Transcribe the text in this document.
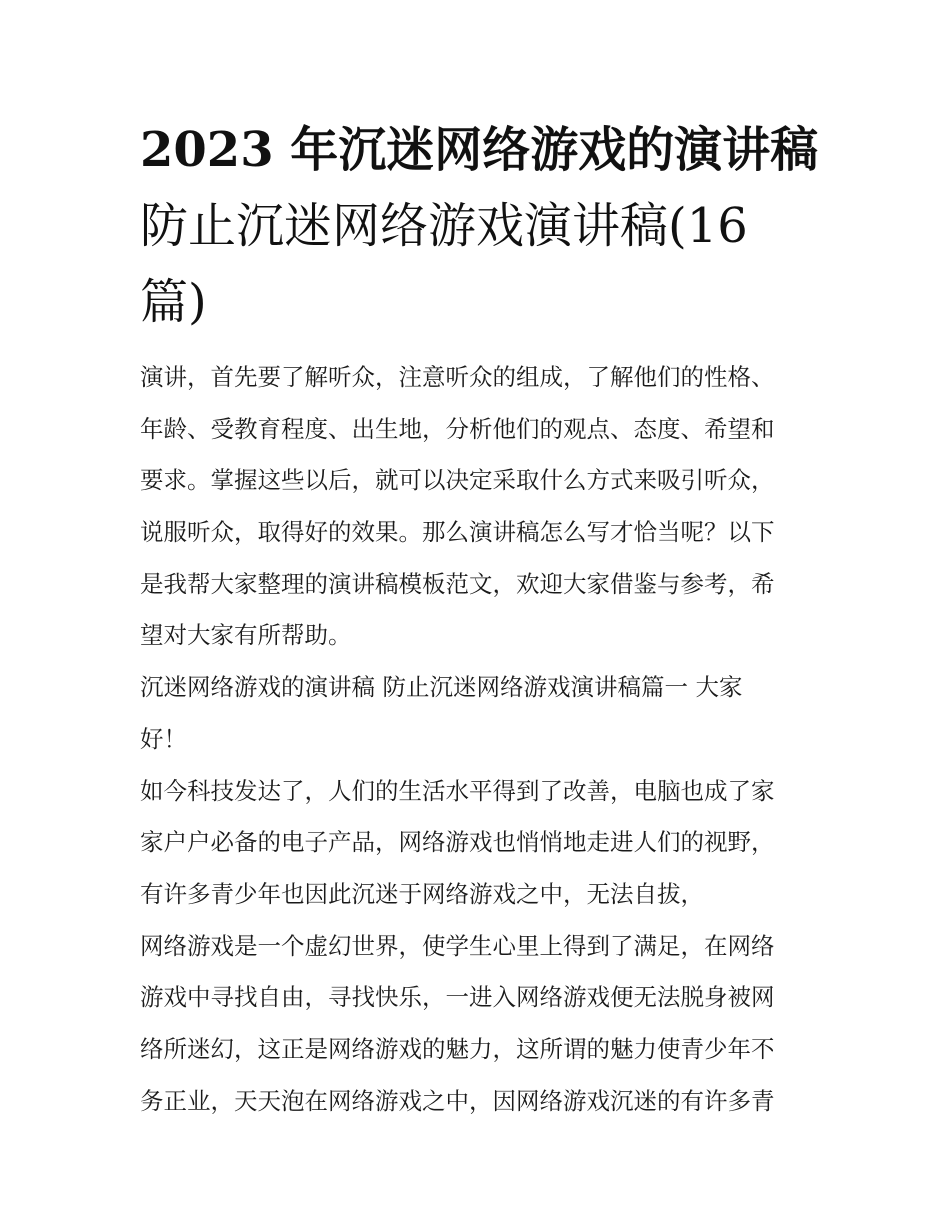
2023 年沉迷网络游戏的演讲稿
防止沉迷网络游戏演讲稿(16
篇)
演讲，首先要了解听众，注意听众的组成，了解他们的性格、
年龄、受教育程度、出生地，分析他们的观点、态度、希望和
要求。掌握这些以后，就可以决定采取什么方式来吸引听众，
说服听众，取得好的效果。那么演讲稿怎么写才恰当呢？以下
是我帮大家整理的演讲稿模板范文，欢迎大家借鉴与参考，希
望对大家有所帮助。
沉迷网络游戏的演讲稿 防止沉迷网络游戏演讲稿篇一 大家
好！
如今科技发达了，人们的生活水平得到了改善，电脑也成了家
家户户必备的电子产品，网络游戏也悄悄地走进人们的视野，
有许多青少年也因此沉迷于网络游戏之中，无法自拔，
网络游戏是一个虚幻世界，使学生心里上得到了满足，在网络
游戏中寻找自由，寻找快乐，一进入网络游戏便无法脱身被网
络所迷幻，这正是网络游戏的魅力，这所谓的魅力使青少年不
务正业，天天泡在网络游戏之中，因网络游戏沉迷的有许多青
